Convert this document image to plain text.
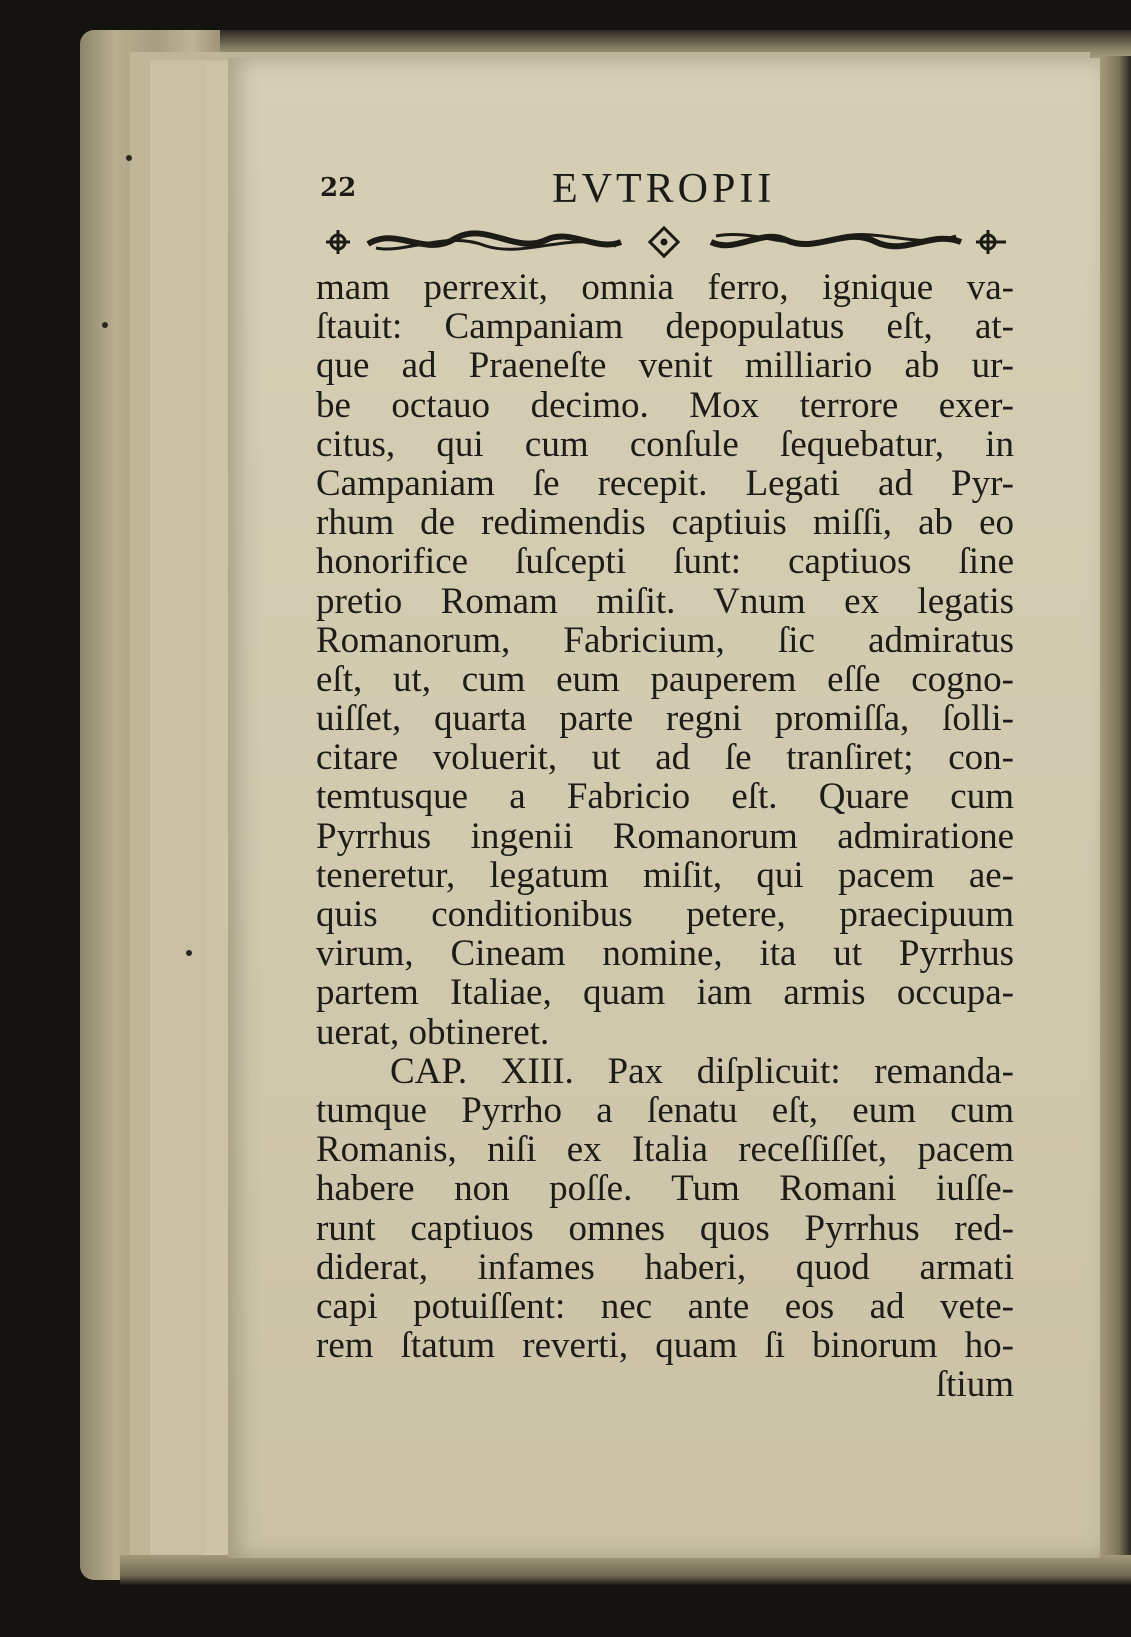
22	EVTROPII
mam perrexit, omnia ferro, ignique va-
ſtauit: Campaniam depopulatus eſt, at-
que ad Praeneſte venit milliario ab ur-
be octauo decimo. Mox terrore exer-
citus, qui cum conſule ſequebatur, in
Campaniam ſe recepit. Legati ad Pyr-
rhum de redimendis captiuis miſſi, ab eo
honorifice ſuſcepti ſunt: captiuos ſine
pretio Romam miſit. Vnum ex legatis
Romanorum, Fabricium, ſic admiratus
eſt, ut, cum eum pauperem eſſe cogno-
uiſſet, quarta parte regni promiſſa, ſolli-
citare voluerit, ut ad ſe tranſiret; con-
temtusque a Fabricio eſt. Quare cum
Pyrrhus ingenii Romanorum admiratione
teneretur, legatum miſit, qui pacem ae-
quis conditionibus petere, praecipuum
virum, Cineam nomine, ita ut Pyrrhus
partem Italiae, quam iam armis occupa-
uerat, obtineret.
CAP. XIII. Pax diſplicuit: remanda-
tumque Pyrrho a ſenatu eſt, eum cum
Romanis, niſi ex Italia receſſiſſet, pacem
habere non poſſe. Tum Romani iuſſe-
runt captiuos omnes quos Pyrrhus red-
diderat, infames haberi, quod armati
capi potuiſſent: nec ante eos ad vete-
rem ſtatum reverti, quam ſi binorum ho-
ſtium
